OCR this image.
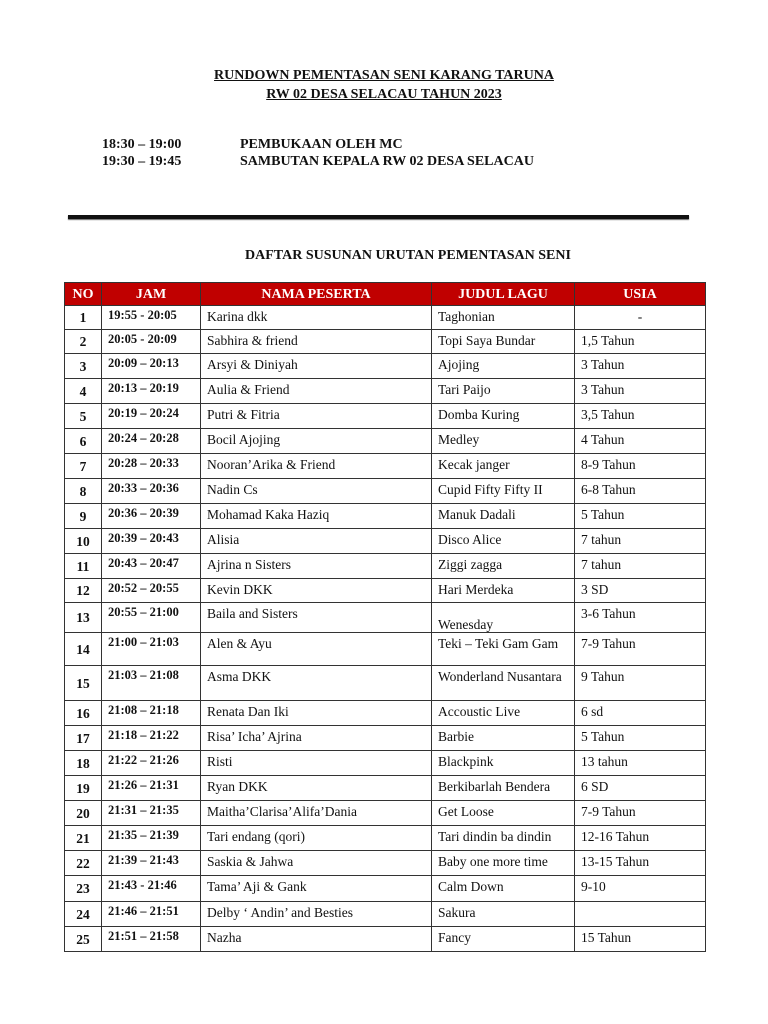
RUNDOWN PEMENTASAN SENI KARANG TARUNA
RW 02 DESA SELACAU TAHUN 2023
18:30 – 19:00	PEMBUKAAN OLEH MC
19:30 – 19:45	SAMBUTAN KEPALA RW 02 DESA SELACAU
DAFTAR SUSUNAN URUTAN PEMENTASAN SENI
NO	JAM	NAMA PESERTA	JUDUL LAGU	USIA
1	19:55 - 20:05	Karina dkk	Taghonian	-
2	20:05 - 20:09	Sabhira & friend	Topi Saya Bundar	1,5 Tahun
3	20:09 – 20:13	Arsyi & Diniyah	Ajojing	3 Tahun
4	20:13 – 20:19	Aulia & Friend	Tari Paijo	3 Tahun
5	20:19 – 20:24	Putri & Fitria	Domba Kuring	3,5 Tahun
6	20:24 – 20:28	Bocil Ajojing	Medley	4 Tahun
7	20:28 – 20:33	Nooran’Arika & Friend	Kecak janger	8-9 Tahun
8	20:33 – 20:36	Nadin Cs	Cupid Fifty Fifty II	6-8 Tahun
9	20:36 – 20:39	Mohamad Kaka Haziq	Manuk Dadali	5 Tahun
10	20:39 – 20:43	Alisia	Disco Alice	7 tahun
11	20:43 – 20:47	Ajrina n Sisters	Ziggi zagga	7 tahun
12	20:52 – 20:55	Kevin DKK	Hari Merdeka	3 SD
13	20:55 – 21:00	Baila and Sisters	Wenesday	3-6 Tahun
14	21:00 – 21:03	Alen & Ayu	Teki – Teki Gam Gam	7-9 Tahun
15	21:03 – 21:08	Asma DKK	Wonderland Nusantara	9 Tahun
16	21:08 – 21:18	Renata Dan Iki	Accoustic Live	6 sd
17	21:18 – 21:22	Risa’ Icha’ Ajrina	Barbie	5 Tahun
18	21:22 – 21:26	Risti	Blackpink	13 tahun
19	21:26 – 21:31	Ryan DKK	Berkibarlah Bendera	6 SD
20	21:31 – 21:35	Maitha’Clarisa’Alifa’Dania	Get Loose	7-9 Tahun
21	21:35 – 21:39	Tari endang (qori)	Tari dindin ba dindin	12-16 Tahun
22	21:39 – 21:43	Saskia & Jahwa	Baby one more time	13-15 Tahun
23	21:43 - 21:46	Tama’ Aji & Gank	Calm Down	9-10
24	21:46 – 21:51	Delby ‘ Andin’ and Besties	Sakura	
25	21:51 – 21:58	Nazha	Fancy	15 Tahun
